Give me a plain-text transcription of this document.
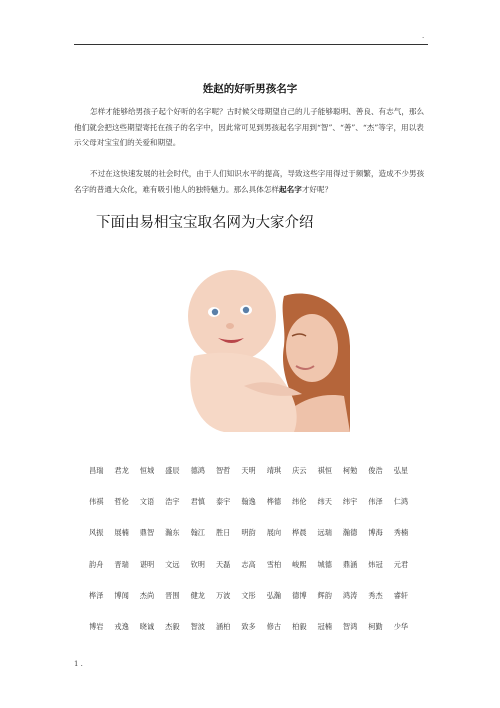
.
姓赵的好听男孩名字

怎样才能够给男孩子起个好听的名字呢？古时候父母期望自己的儿子能够聪明、善良、有志气，那么他们就会把这些期望寄托在孩子的名字中，因此常可见到男孩起名字用到“智”、“善”、“杰”等字，用以表示父母对宝宝们的关爱和期望。

不过在这快速发展的社会时代，由于人们知识水平的提高，导致这些字用得过于频繁，造成不少男孩名字的普通大众化，难有吸引他人的独特魅力。那么具体怎样起名字才好呢？

下面由易相宝宝取名网为大家介绍
昌瑞	君龙	恒城	盛辰	德鸿	智哲	天明	靖琪	庆云	祺恒	柯勉	俊浩	弘星
伟祺	哲伦	文语	浩宇	君慎	泰宇	翰逸	桦德	纬伦	纬天	纬宇	伟泽	仁鸿
风振	展楠	鼎智	瀚东	翰江	胜日	明韵	展向	桦晨	远瑞	瀚德	博海	秀楠
韵舟	晋瑞	谌明	文远	钦明	天磊	志高	雪柏	峻熙	城德	鼎涵	炜冠	元君
桦泽	博闻	杰尚	晋围	健龙	万波	文彤	弘瀚	德博	辉韵	鸿涛	秀杰	睿轩
博岩	戎逸	晓诚	杰毅	智波	涵柏	致多	修古	柏毅	冠楠	智鸿	柯勤	少华
1 .
